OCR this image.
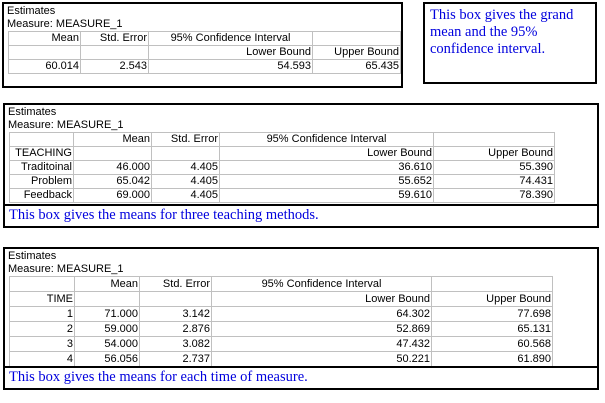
Estimates
Measure: MEASURE_1
Mean	Std. Error	95% Confidence Interval	
		Lower Bound	Upper Bound
60.014	2.543	54.593	65.435
This box gives the grand mean and the 95% confidence interval.
Estimates
Measure: MEASURE_1
	Mean	Std. Error	95% Confidence Interval	
TEACHING			Lower Bound	Upper Bound
Traditoinal	46.000	4.405	36.610	55.390
Problem	65.042	4.405	55.652	74.431
Feedback	69.000	4.405	59.610	78.390
This box gives the means for three teaching methods.
Estimates
Measure: MEASURE_1
	Mean	Std. Error	95% Confidence Interval	
TIME			Lower Bound	Upper Bound
1	71.000	3.142	64.302	77.698
2	59.000	2.876	52.869	65.131
3	54.000	3.082	47.432	60.568
4	56.056	2.737	50.221	61.890
This box gives the means for each time of measure.
